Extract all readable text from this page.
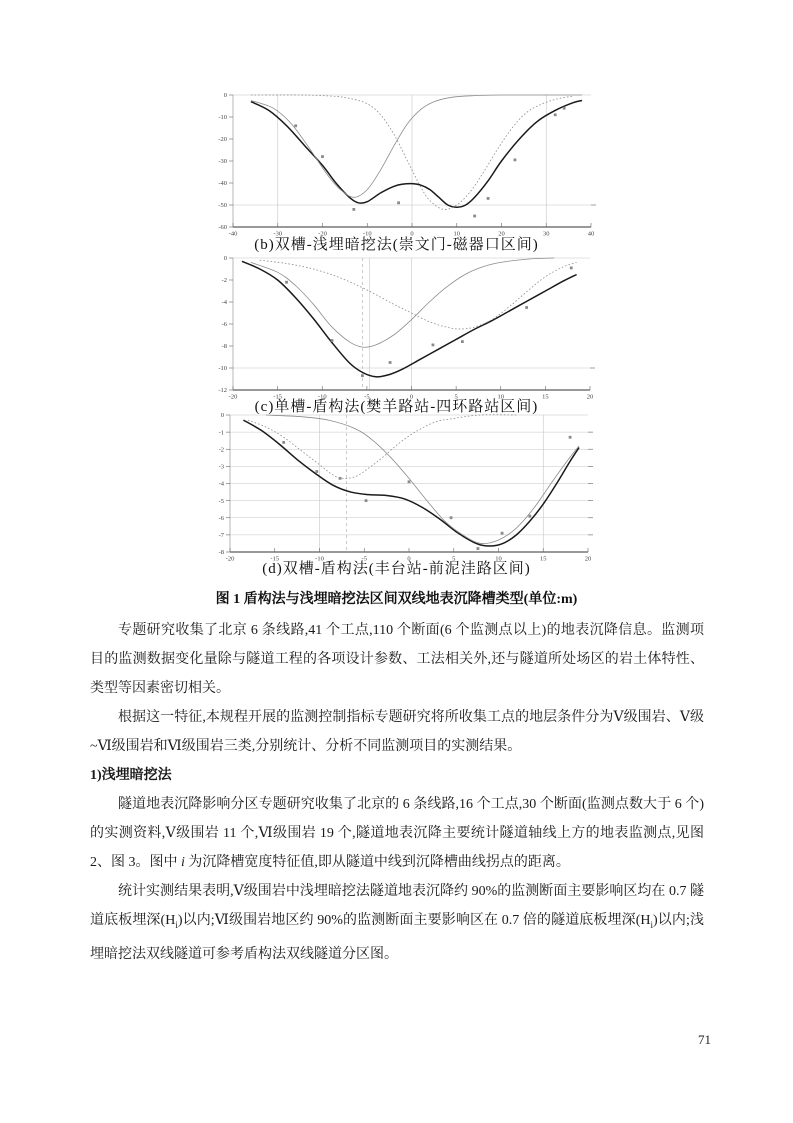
-20	-15	-10	-5	0	5	10	15	20
0
-1
-2
-3
-4
-5
-6
-7
-8
-20	-15	-10	-5	0	5	10	15	20
0
-2
-4
-6
-8
-10
-12
-40	-30	-20	-10	0	10	20	30	40
0
-10
-20
-30
-40
-50
-60
(b)双槽-浅埋暗挖法(崇文门-磁器口区间)
(c)单槽-盾构法(樊羊路站-四环路站区间)
(d)双槽-盾构法(丰台站-前泥洼路区间)
图 1 盾构法与浅埋暗挖法区间双线地表沉降槽类型(单位:m)

专题研究收集了北京 6 条线路,41 个工点,110 个断面(6 个监测点以上)的地表沉降信息。监测项目的监测数据变化量除与隧道工程的各项设计参数、工法相关外,还与隧道所处场区的岩土体特性、类型等因素密切相关。

根据这一特征,本规程开展的监测控制指标专题研究将所收集工点的地层条件分为Ⅴ级围岩、Ⅴ级~Ⅵ级围岩和Ⅵ级围岩三类,分别统计、分析不同监测项目的实测结果。

1)浅埋暗挖法

隧道地表沉降影响分区专题研究收集了北京的 6 条线路,16 个工点,30 个断面(监测点数大于 6 个)的实测资料,Ⅴ级围岩 11 个,Ⅵ级围岩 19 个,隧道地表沉降主要统计隧道轴线上方的地表监测点,见图 2、图 3。图中 i 为沉降槽宽度特征值,即从隧道中线到沉降槽曲线拐点的距离。

统计实测结果表明,Ⅴ级围岩中浅埋暗挖法隧道地表沉降约 90%的监测断面主要影响区均在 0.7 隧道底板埋深$(H_i)$以内;Ⅵ级围岩地区约 90%的监测断面主要影响区在 0.7 倍的隧道底板埋深$(H_i)$以内;浅埋暗挖法双线隧道可参考盾构法双线隧道分区图。

71
